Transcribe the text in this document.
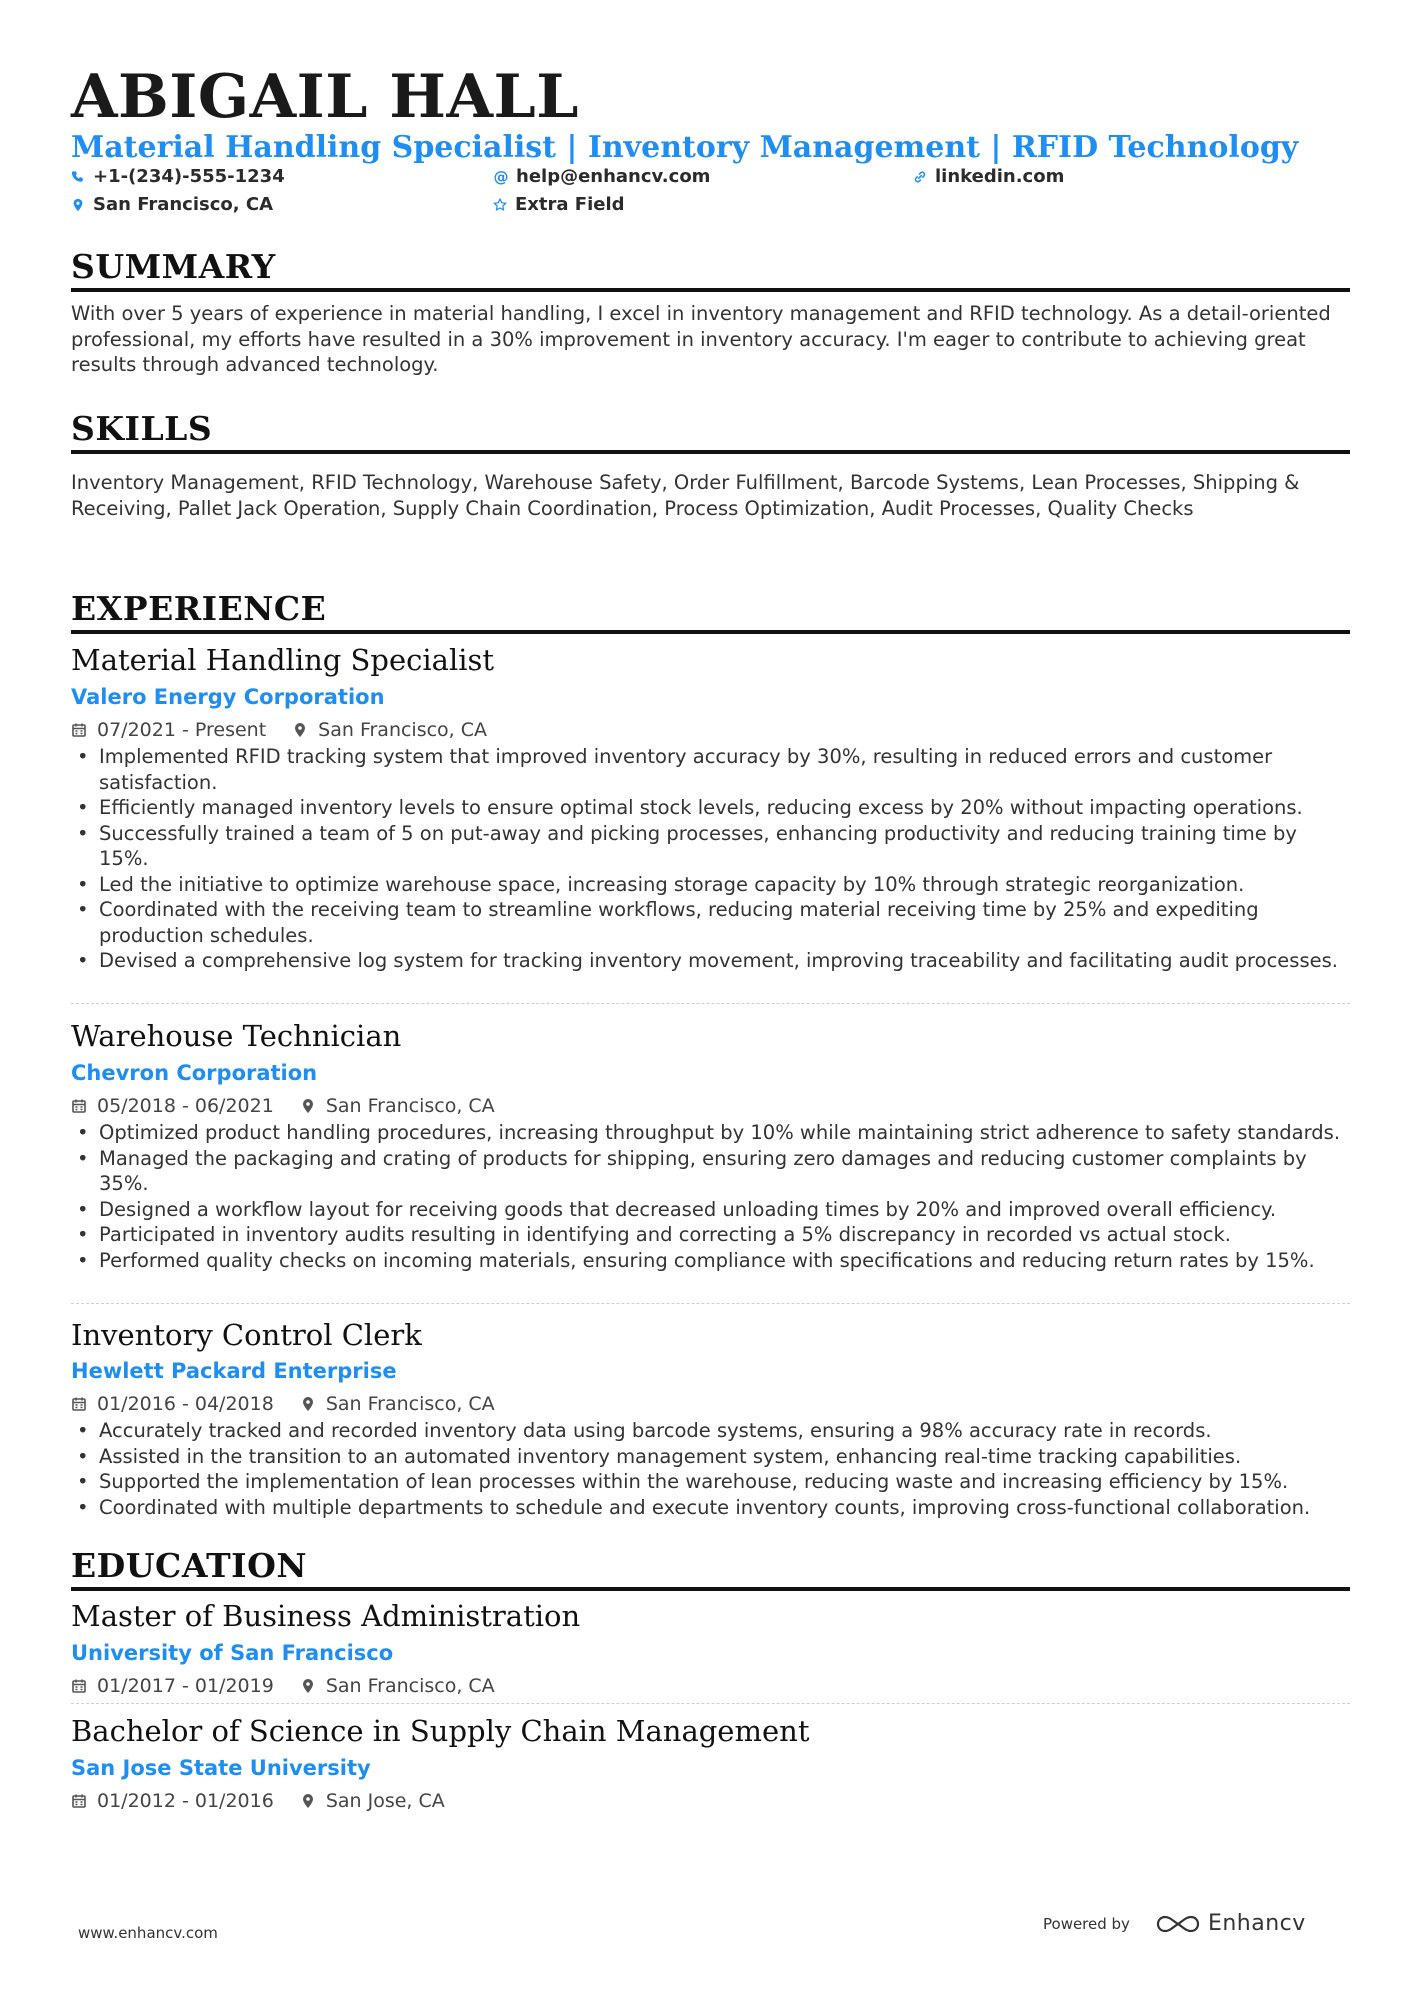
ABIGAIL HALL
Material Handling Specialist | Inventory Management | RFID Technology
+1-(234)-555-1234	@ help@enhancv.com	linkedin.com
San Francisco, CA	Extra Field
SUMMARY

With over 5 years of experience in material handling, I excel in inventory management and RFID technology. As a detail-oriented professional, my efforts have resulted in a 30% improvement in inventory accuracy. I'm eager to contribute to achieving great results through advanced technology.

SKILLS

Inventory Management, RFID Technology, Warehouse Safety, Order Fulfillment, Barcode Systems, Lean Processes, Shipping & Receiving, Pallet Jack Operation, Supply Chain Coordination, Process Optimization, Audit Processes, Quality Checks

EXPERIENCE
Material Handling Specialist
Valero Energy Corporation
07/2021 - Present	San Francisco, CA
• Implemented RFID tracking system that improved inventory accuracy by 30%, resulting in reduced errors and customer satisfaction.
• Efficiently managed inventory levels to ensure optimal stock levels, reducing excess by 20% without impacting operations.
• Successfully trained a team of 5 on put-away and picking processes, enhancing productivity and reducing training time by 15%.
• Led the initiative to optimize warehouse space, increasing storage capacity by 10% through strategic reorganization.
• Coordinated with the receiving team to streamline workflows, reducing material receiving time by 25% and expediting production schedules.
• Devised a comprehensive log system for tracking inventory movement, improving traceability and facilitating audit processes.
Warehouse Technician
Chevron Corporation
05/2018 - 06/2021	San Francisco, CA
• Optimized product handling procedures, increasing throughput by 10% while maintaining strict adherence to safety standards.
• Managed the packaging and crating of products for shipping, ensuring zero damages and reducing customer complaints by 35%.
• Designed a workflow layout for receiving goods that decreased unloading times by 20% and improved overall efficiency.
• Participated in inventory audits resulting in identifying and correcting a 5% discrepancy in recorded vs actual stock.
• Performed quality checks on incoming materials, ensuring compliance with specifications and reducing return rates by 15%.
Inventory Control Clerk
Hewlett Packard Enterprise
01/2016 - 04/2018	San Francisco, CA
• Accurately tracked and recorded inventory data using barcode systems, ensuring a 98% accuracy rate in records.
• Assisted in the transition to an automated inventory management system, enhancing real-time tracking capabilities.
• Supported the implementation of lean processes within the warehouse, reducing waste and increasing efficiency by 15%.
• Coordinated with multiple departments to schedule and execute inventory counts, improving cross-functional collaboration.
EDUCATION
Master of Business Administration
University of San Francisco
01/2017 - 01/2019	San Francisco, CA
Bachelor of Science in Supply Chain Management
San Jose State University
01/2012 - 01/2016	San Jose, CA
www.enhancv.com
Powered by	Enhancv
